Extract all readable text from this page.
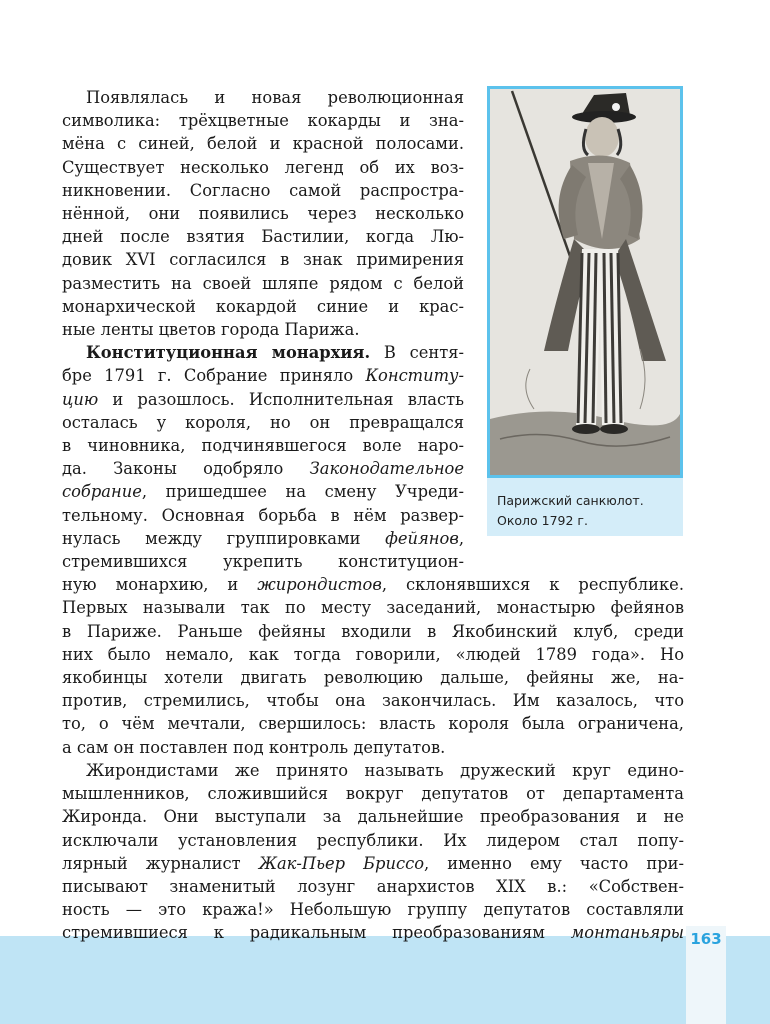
163
Появлялась и новая революционная
символика: трёхцветные кокарды и зна-
мёна с синей, белой и красной полосами.
Существует несколько легенд об их воз-
никновении. Согласно самой распростра-
нённой, они появились через несколько
дней после взятия Бастилии, когда Лю-
довик XVI согласился в знак примирения
разместить на своей шляпе рядом с белой
монархической кокардой синие и крас-
ные ленты цветов города Парижа.
Конституционная монархия. В сентя-
бре 1791 г. Собрание приняло Конститу-
цию и разошлось. Исполнительная власть
осталась у короля, но он превращался
в чиновника, подчинявшегося воле наро-
да. Законы одобряло Законодательное
собрание, пришедшее на смену Учреди-
тельному. Основная борьба в нём развер-
нулась между группировками фейянов,
стремившихся укрепить конституцион-
ную монархию, и жирондистов, склонявшихся к республике.
Первых называли так по месту заседаний, монастырю фейянов
в Париже. Раньше фейяны входили в Якобинский клуб, среди
них было немало, как тогда говорили, «людей 1789 года». Но
якобинцы хотели двигать революцию дальше, фейяны же, на-
против, стремились, чтобы она закончилась. Им казалось, что
то, о чём мечтали, свершилось: власть короля была ограничена,
а сам он поставлен под контроль депутатов.
Жирондистами же принято называть дружеский круг едино-
мышленников, сложившийся вокруг депутатов от департамента
Жиронда. Они выступали за дальнейшие преобразования и не
исключали установления республики. Их лидером стал попу-
лярный журналист Жак-Пьер Бриссо, именно ему часто при-
писывают знаменитый лозунг анархистов XIX в.: «Собствен-
ность — это кража!» Небольшую группу депутатов составляли
стремившиеся к радикальным преобразованиям монтаньяры
Парижский санкюлот.
Около 1792 г.
